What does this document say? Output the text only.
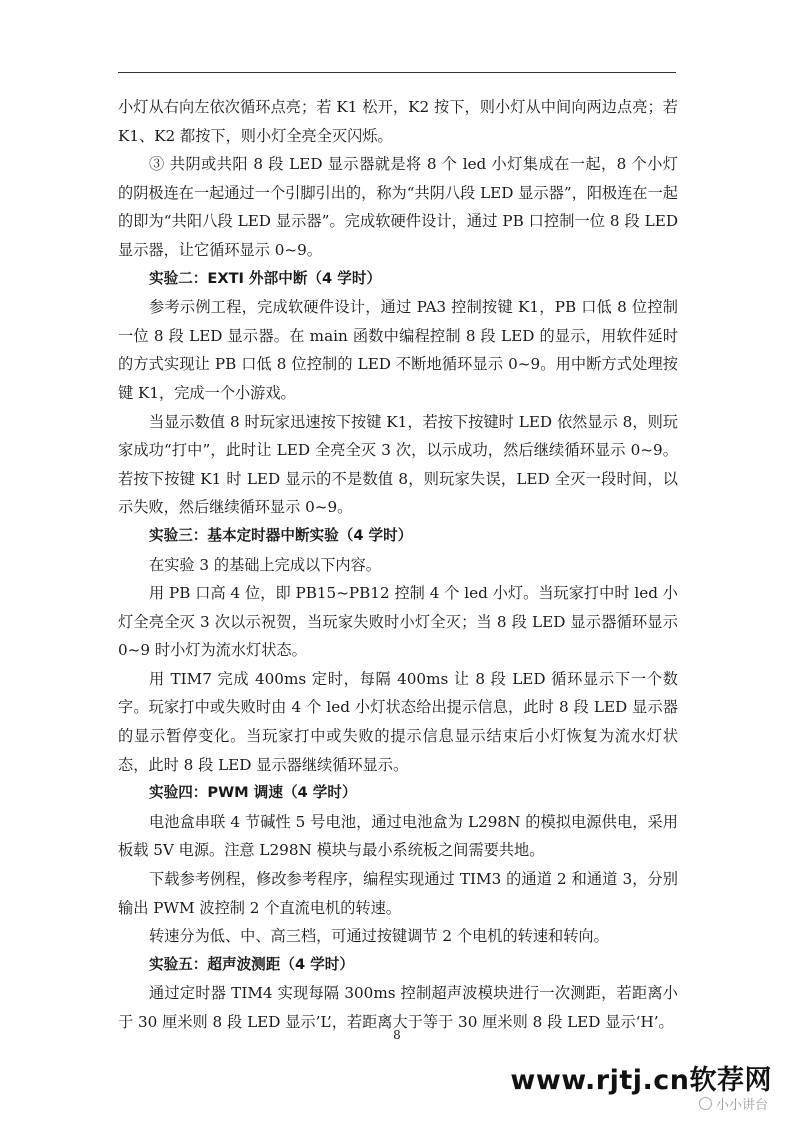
小灯从右向左依次循环点亮；若 K1 松开，K2 按下，则小灯从中间向两边点亮；若 K1、K2 都按下，则小灯全亮全灭闪烁。

③ 共阴或共阳 8 段 LED 显示器就是将 8 个 led 小灯集成在一起，8 个小灯的阴极连在一起通过一个引脚引出的，称为“共阴八段 LED 显示器”，阳极连在一起的即为“共阳八段 LED 显示器”。完成软硬件设计，通过 PB 口控制一位 8 段 LED 显示器，让它循环显示 0~9。

实验二：EXTI 外部中断（4 学时）

参考示例工程，完成软硬件设计，通过 PA3 控制按键 K1，PB 口低 8 位控制一位 8 段 LED 显示器。在 main 函数中编程控制 8 段 LED 的显示，用软件延时的方式实现让 PB 口低 8 位控制的 LED 不断地循环显示 0~9。用中断方式处理按键 K1，完成一个小游戏。

当显示数值 8 时玩家迅速按下按键 K1，若按下按键时 LED 依然显示 8，则玩家成功“打中”，此时让 LED 全亮全灭 3 次，以示成功，然后继续循环显示 0~9。若按下按键 K1 时 LED 显示的不是数值 8，则玩家失误，LED 全灭一段时间，以示失败，然后继续循环显示 0~9。

实验三：基本定时器中断实验（4 学时）

在实验 3 的基础上完成以下内容。

用 PB 口高 4 位，即 PB15~PB12 控制 4 个 led 小灯。当玩家打中时 led 小灯全亮全灭 3 次以示祝贺，当玩家失败时小灯全灭；当 8 段 LED 显示器循环显示 0~9 时小灯为流水灯状态。

用 TIM7 完成 400ms 定时，每隔 400ms 让 8 段 LED 循环显示下一个数字。玩家打中或失败时由 4 个 led 小灯状态给出提示信息，此时 8 段 LED 显示器的显示暂停变化。当玩家打中或失败的提示信息显示结束后小灯恢复为流水灯状态，此时 8 段 LED 显示器继续循环显示。

实验四：PWM 调速（4 学时）

电池盒串联 4 节碱性 5 号电池，通过电池盒为 L298N 的模拟电源供电，采用板载 5V 电源。注意 L298N 模块与最小系统板之间需要共地。

下载参考例程，修改参考程序，编程实现通过 TIM3 的通道 2 和通道 3，分别输出 PWM 波控制 2 个直流电机的转速。

转速分为低、中、高三档，可通过按键调节 2 个电机的转速和转向。

实验五：超声波测距（4 学时）

通过定时器 TIM4 实现每隔 300ms 控制超声波模块进行一次测距，若距离小于 30 厘米则 8 段 LED 显示’L’，若距离大于等于 30 厘米则 8 段 LED 显示‘H’。

8
www.rjtj.cn软荐网
小小讲台
